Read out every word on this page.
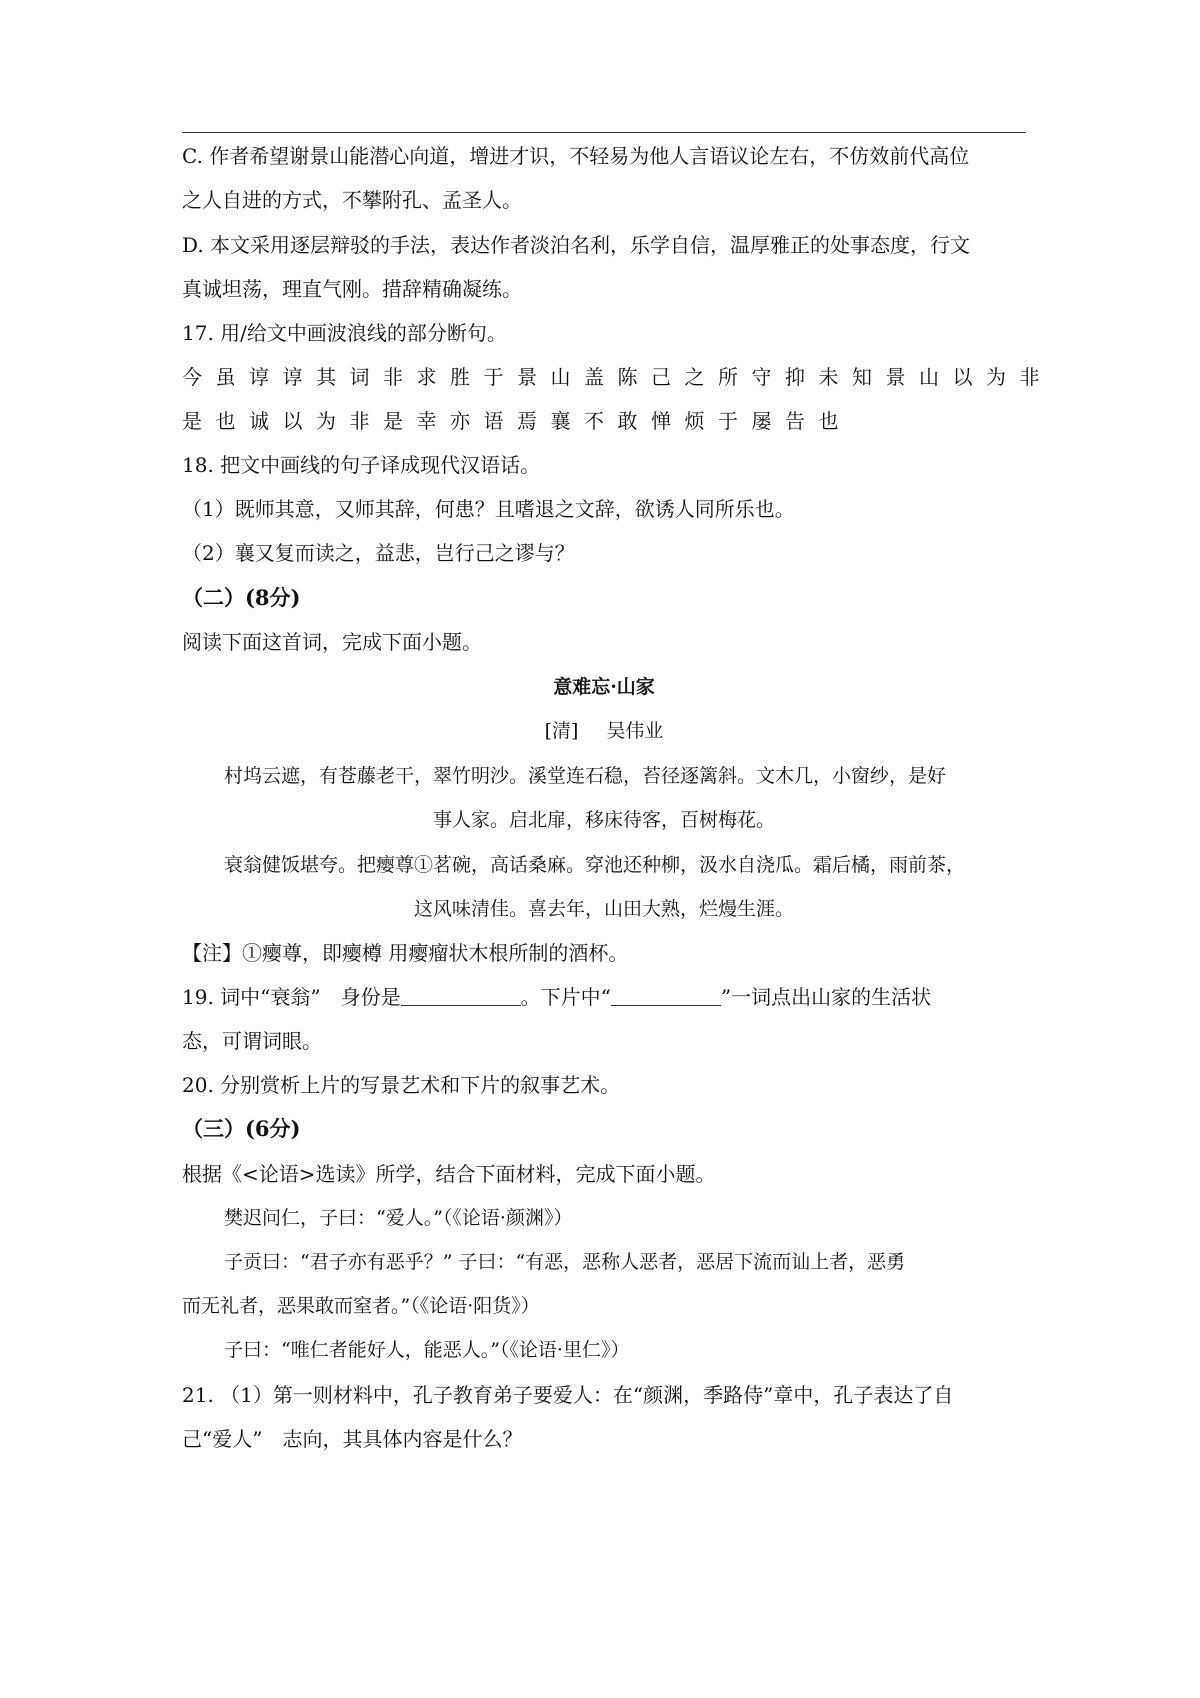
C. 作者希望谢景山能潜心向道，增进才识，不轻易为他人言语议论左右，不仿效前代高位
之人自进的方式，不攀附孔、孟圣人。
D. 本文采用逐层辩驳的手法，表达作者淡泊名利，乐学自信，温厚雅正的处事态度，行文
真诚坦荡，理直气刚。措辞精确凝练。
17. 用/给文中画波浪线的部分断句。
今虽谆谆其词非求胜于景山盖陈己之所守抑未知景山以为非
是也诚以为非是幸亦语焉襄不敢惮烦于屡告也
18. 把文中画线的句子译成现代汉语话。
（1）既师其意，又师其辞，何患？且嗜退之文辞，欲诱人同所乐也。
（2）襄又复而读之，益悲，岂行己之谬与？
（二）(8分)
阅读下面这首词，完成下面小题。
意难忘·山家
[清] 吴伟业
村坞云遮，有苍藤老干，翠竹明沙。溪堂连石稳，苔径逐篱斜。文木几，小窗纱，是好
事人家。启北扉，移床待客，百树梅花。
衰翁健饭堪夸。把瘿尊①茗碗，高话桑麻。穿池还种柳，汲水自浇瓜。霜后橘，雨前茶，
这风味清佳。喜去年，山田大熟，烂熳生涯。
【注】①瘿尊，即瘿樽 用瘿瘤状木根所制的酒杯。
19. 词中“衰翁”　身份是	。下片中“	”一词点出山家的生活状
态，可谓词眼。
20. 分别赏析上片的写景艺术和下片的叙事艺术。
（三）(6分)
根据《<论语>选读》所学，结合下面材料，完成下面小题。
樊迟问仁，子曰：“爱人。”（《论语·颜渊》）
子贡曰：“君子亦有恶乎？” 子曰：“有恶，恶称人恶者，恶居下流而讪上者，恶勇
而无礼者，恶果敢而窒者。”（《论语·阳货》）
子曰：“唯仁者能好人，能恶人。”（《论语·里仁》）
21. （1）第一则材料中，孔子教育弟子要爱人：在“颜渊，季路侍”章中，孔子表达了自
己“爱人”　志向，其具体内容是什么？
